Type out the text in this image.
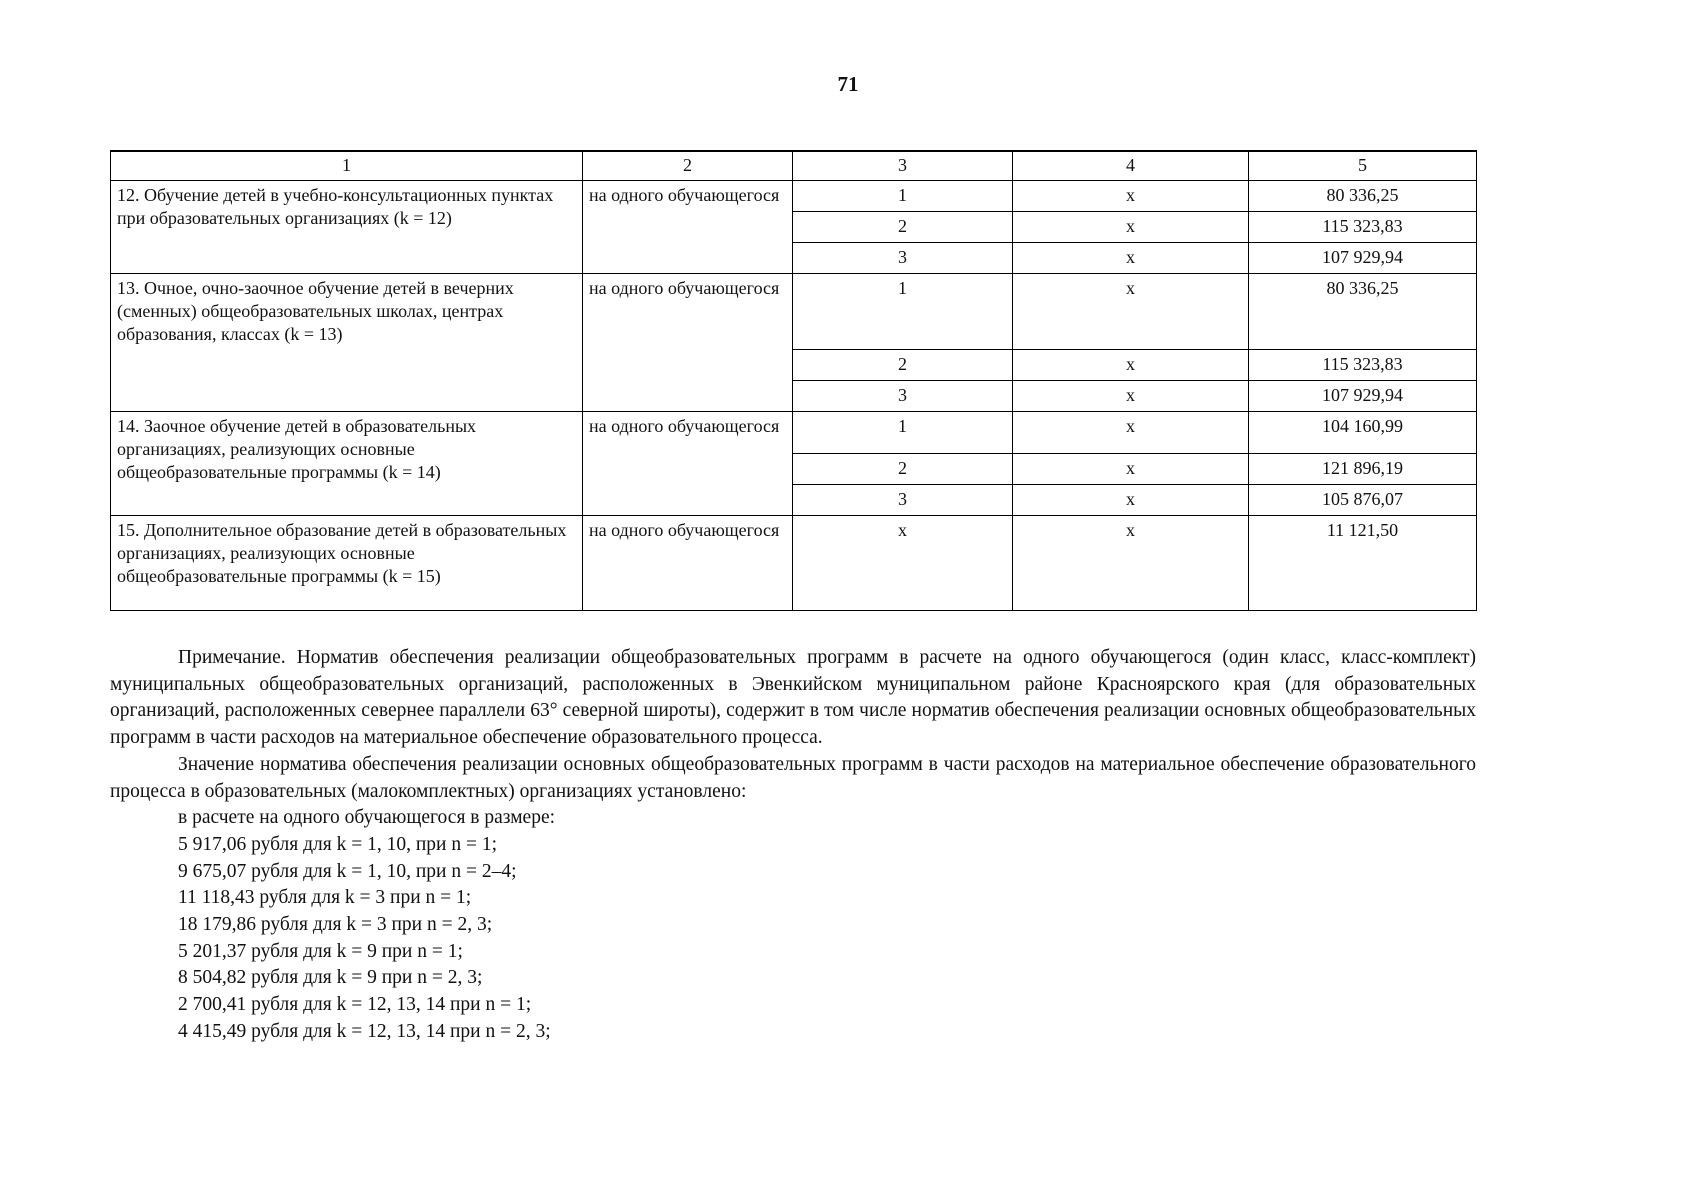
71
1	2	3	4	5
12. Обучение детей в учебно-консультационных пунктах при образовательных организациях (k = 12)	на одного обучающегося	1	х	80 336,25
		2	х	115 323,83
		3	х	107 929,94
13. Очное, очно-заочное обучение детей в вечерних (сменных) общеобразовательных школах, центрах образования, классах (k = 13)	на одного обучающегося	1	х	80 336,25
		2	х	115 323,83
		3	х	107 929,94
14. Заочное обучение детей в образовательных организациях, реализующих основные общеобразовательные программы (k = 14)	на одного обучающегося	1	х	104 160,99
		2	х	121 896,19
		3	х	105 876,07
15. Дополнительное образование детей в образовательных организациях, реализующих основные общеобразовательные программы (k = 15)	на одного обучающегося	х	х	11 121,50

Примечание. Норматив обеспечения реализации общеобразовательных программ в расчете на одного обучающегося (один класс, класс-комплект) муниципальных общеобразовательных организаций, расположенных в Эвенкийском муниципальном районе Красноярского края (для образовательных организаций, расположенных севернее параллели 63° северной широты), содержит в том числе норматив обеспечения реализации основных общеобразовательных программ в части расходов на материальное обеспечение образовательного процесса.

Значение норматива обеспечения реализации основных общеобразовательных программ в части расходов на материальное обеспечение образовательного процесса в образовательных (малокомплектных) организациях установлено:

в расчете на одного обучающегося в размере:

5 917,06 рубля для k = 1, 10, при n = 1;
9 675,07 рубля для k = 1, 10, при n = 2–4;
11 118,43 рубля для k = 3 при n = 1;
18 179,86 рубля для k = 3 при n = 2, 3;
5 201,37 рубля для k = 9 при n = 1;
8 504,82 рубля для k = 9 при n = 2, 3;
2 700,41 рубля для k = 12, 13, 14 при n = 1;
4 415,49 рубля для k = 12, 13, 14 при n = 2, 3;
